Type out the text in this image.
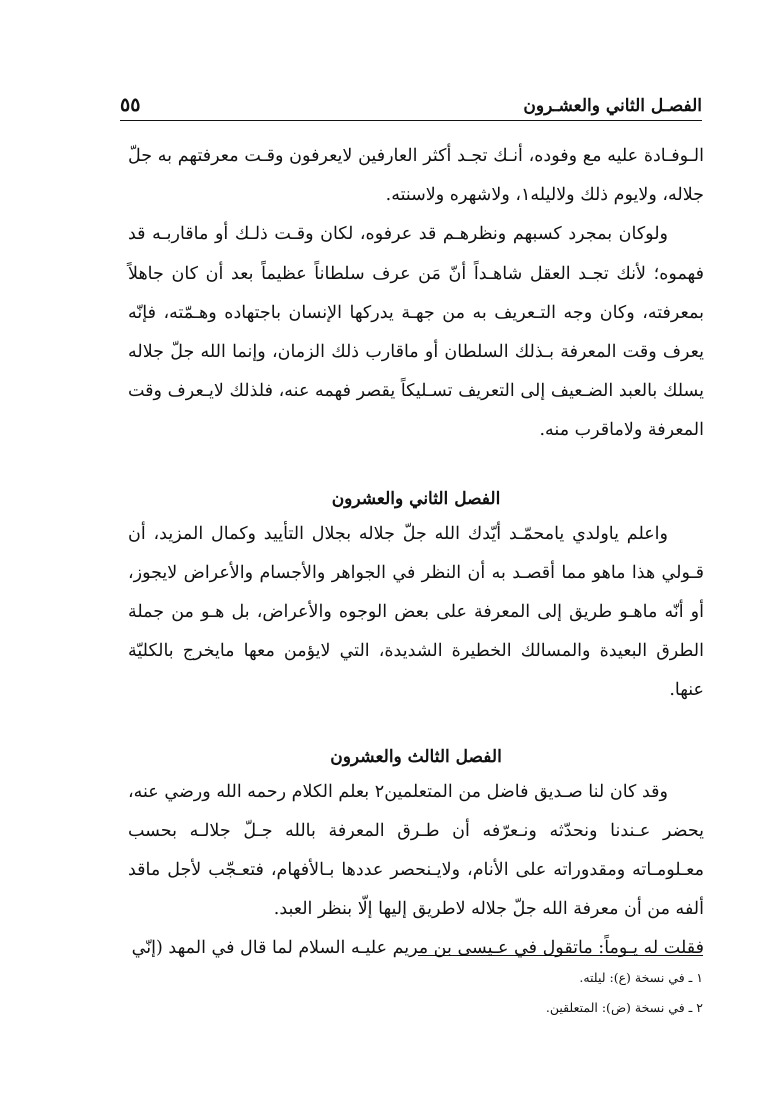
الفصـل الثاني والعشـرون
٥٥

الـوفـادة عليه مع وفوده، أنـك تجـد أكثر العارفين لايعرفون وقـت معرفتهم به جلّ جلاله، ولايوم ذلك ولاليله١، ولاشهره ولاسنته.

ولوكان بمجرد كسبهم ونظرهـم قد عرفوه، لكان وقـت ذلـك أو ماقاربـه قد فهموه؛ لأنك تجـد العقل شاهـداً أنّ مَن عرف سلطاناً عظيماً بعد أن كان جاهلاً بمعرفته، وكان وجه التـعريف به من جهـة يدركها الإنسان باجتهاده وهـمّته، فإنّه يعرف وقت المعرفة بـذلك السلطان أو ماقارب ذلك الزمان، وإنما الله جلّ جلاله يسلك بالعبد الضـعيف إلى التعريف تسـليكاً يقصر فهمه عنه، فلذلك لايـعرف وقت المعرفة ولاماقرب منه.

الفصل الثاني والعشرون

واعلم ياولدي يامحمّـد أيّدك الله جلّ جلاله بجلال التأييد وكمال المزيد، أن قـولي هذا ماهو مما أقصـد به أن النظر في الجواهر والأجسام والأعراض لايجوز، أو أنّه ماهـو طريق إلى المعرفة على بعض الوجوه والأعراض، بل هـو من جملة الطرق البعيدة والمسالك الخطيرة الشديدة، التي لايؤمن معها مايخرج بالكليّة عنها.

الفصل الثالث والعشرون

وقد كان لنا صـديق فاضل من المتعلمين٢ بعلم الكلام رحمه الله ورضي عنه، يحضر عـندنا ونحدّثه ونـعرّفه أن طـرق المعرفة بالله جـلّ جلالـه بحسب معـلومـاته ومقدوراته على الأنام، ولايـنحصر عددها بـالأفهام، فتعـجّب لأجل ماقد ألفه من أن معرفة الله جلّ جلاله لاطريق إليها إلّا بنظر العبد.

فقلت له يـوماً: ماتقول في عـيسى بن مريم عليـه السلام لما قال في المهد (إنّي

١ ـ في نسخة (ع): ليلته.

٢ ـ في نسخة (ض): المتعلقين.
